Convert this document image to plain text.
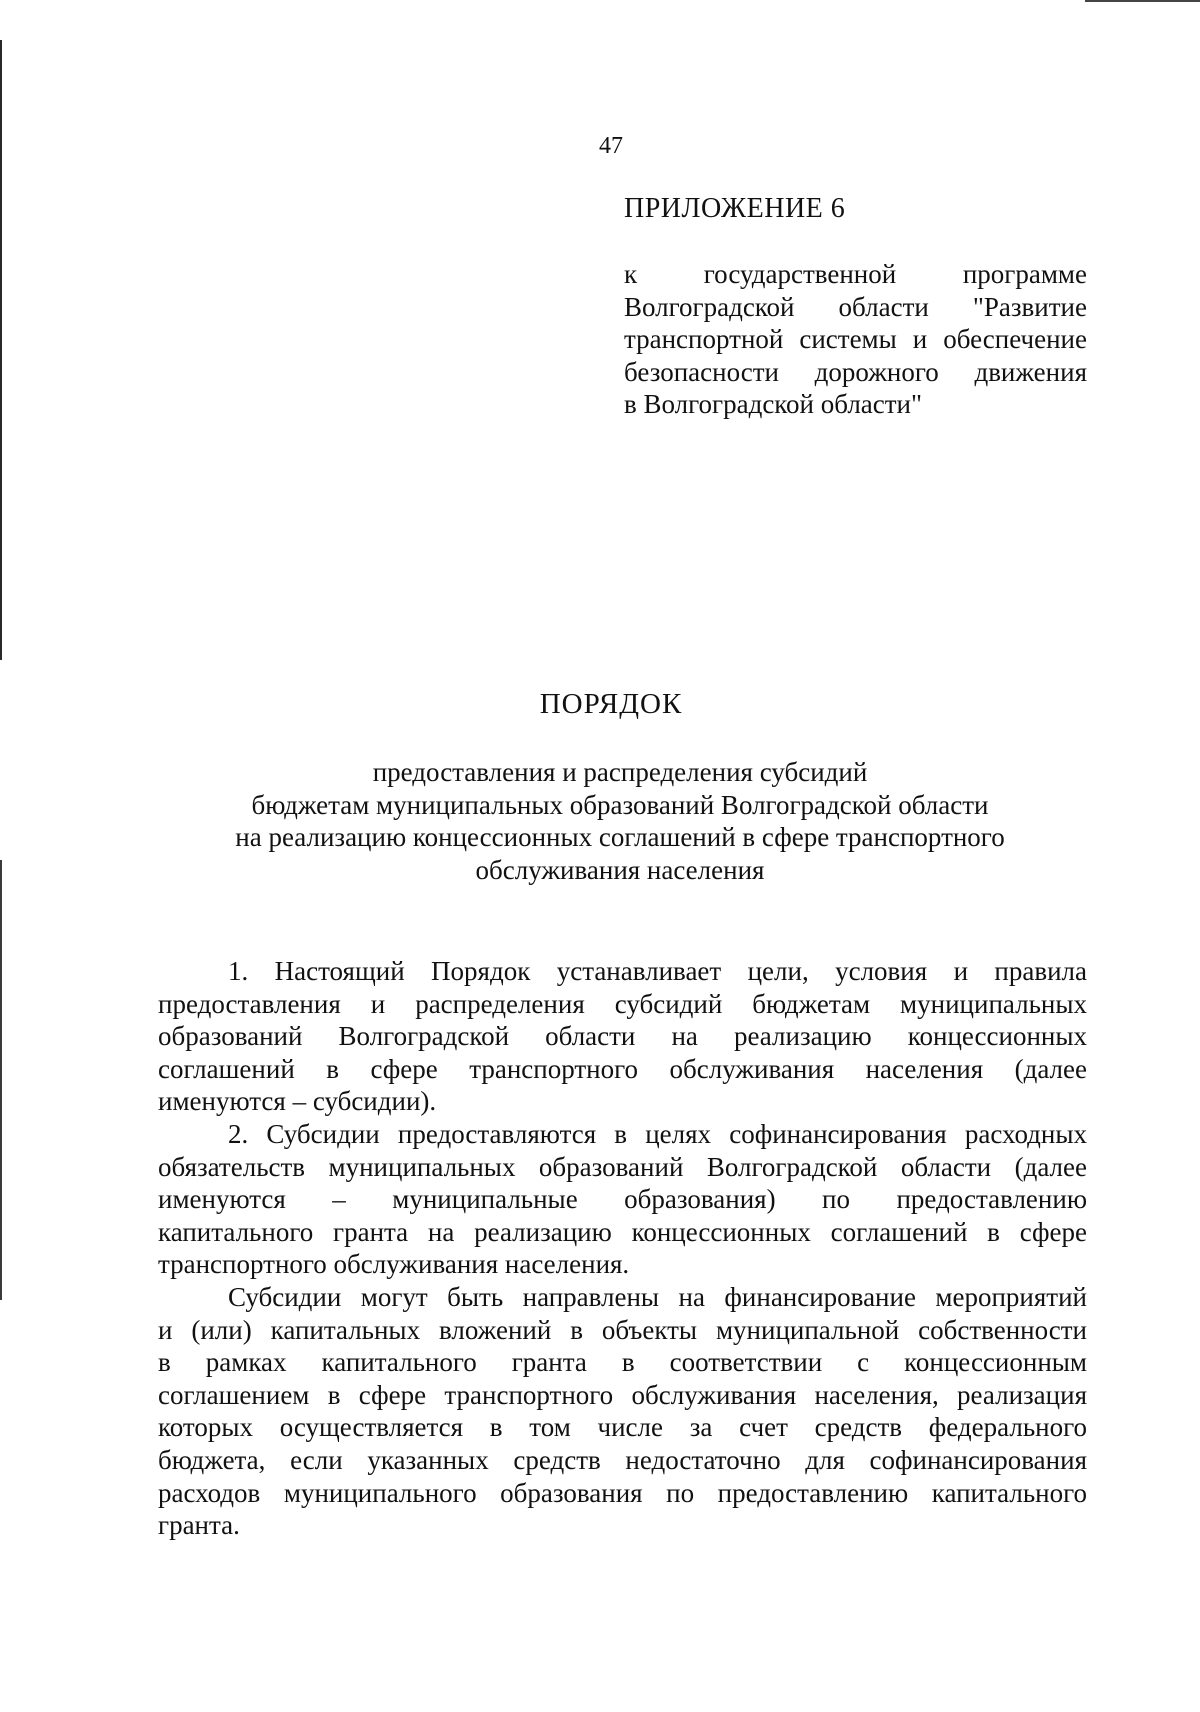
47
ПРИЛОЖЕНИЕ 6
к государственной программе
Волгоградской области "Развитие
транспортной системы и обеспечение
безопасности дорожного движения
в Волгоградской области"
ПОРЯДОК
предоставления и распределения субсидий
бюджетам муниципальных образований Волгоградской области
на реализацию концессионных соглашений в сфере транспортного
обслуживания населения

1. Настоящий Порядок устанавливает цели, условия и правила
предоставления и распределения субсидий бюджетам муниципальных
образований Волгоградской области на реализацию концессионных
соглашений в сфере транспортного обслуживания населения (далее
именуются – субсидии).

2. Субсидии предоставляются в целях софинансирования расходных
обязательств муниципальных образований Волгоградской области (далее
именуются – муниципальные образования) по предоставлению
капитального гранта на реализацию концессионных соглашений в сфере
транспортного обслуживания населения.

Субсидии могут быть направлены на финансирование мероприятий
и (или) капитальных вложений в объекты муниципальной собственности
в рамках капитального гранта в соответствии с концессионным
соглашением в сфере транспортного обслуживания населения, реализация
которых осуществляется в том числе за счет средств федерального
бюджета, если указанных средств недостаточно для софинансирования
расходов муниципального образования по предоставлению капитального
гранта.
